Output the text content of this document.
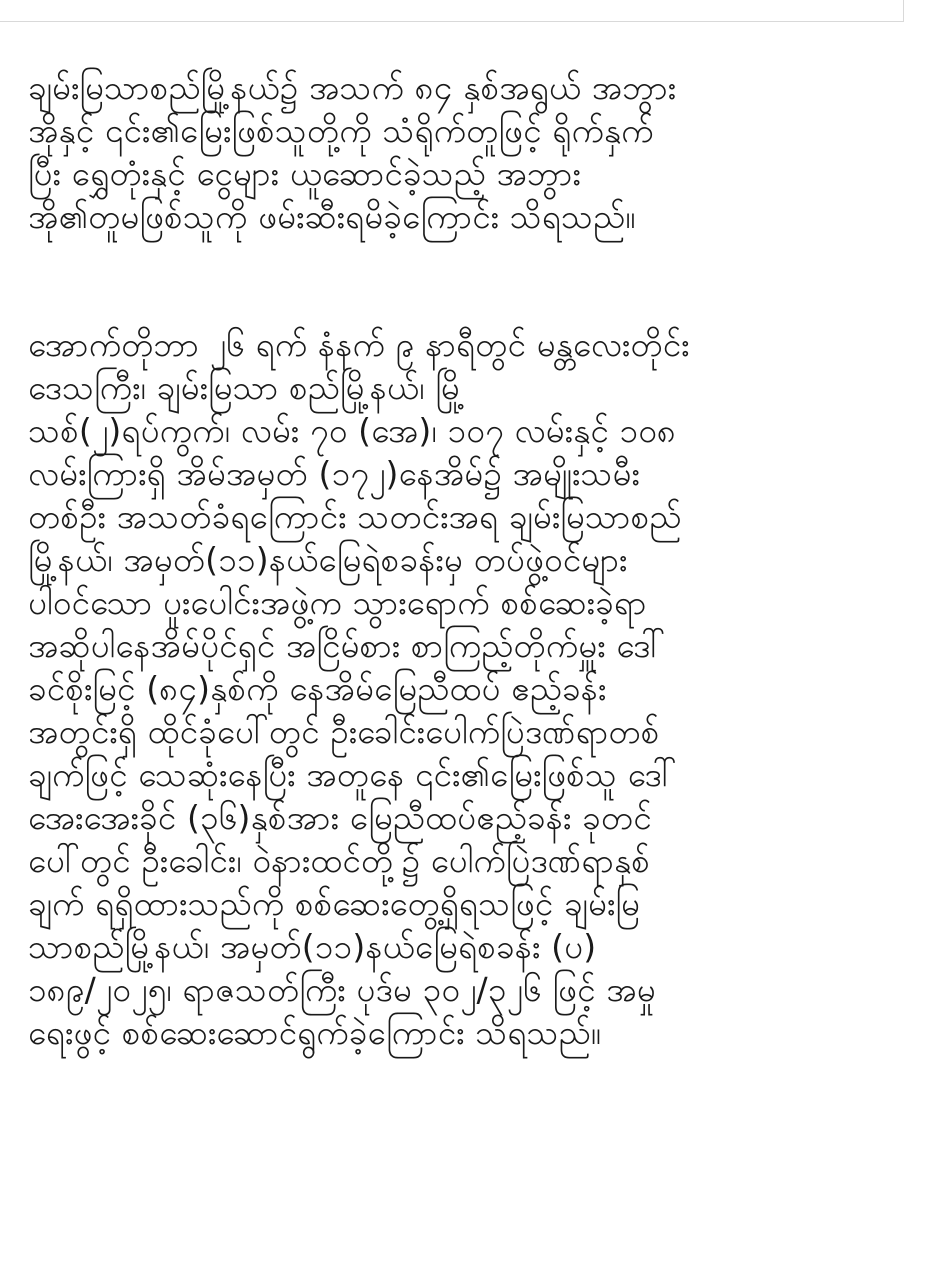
ချမ်းမြသာစည်မြို့နယ်၌ အသက် ၈၄ နှစ်အရွယ် အဘွား
အိုနှင့် ၎င်း၏မြေးဖြစ်သူတို့ကို သံရိုက်တူဖြင့် ရိုက်နှက်
ပြီး ရွှေတုံးနှင့် ငွေများ ယူဆောင်ခဲ့သည့် အဘွား
အို၏တူမဖြစ်သူကို ဖမ်းဆီးရမိခဲ့ကြောင်း သိရသည်။

အောက်တိုဘာ ၂၆ ရက် နံနက် ၉ နာရီတွင် မန္တလေးတိုင်း
ဒေသကြီး၊ ချမ်းမြသာ စည်မြို့နယ်၊ မြို့
သစ်(၂)ရပ်ကွက်၊ လမ်း ၇၀ (အေ)၊ ၁၀၇ လမ်းနှင့် ၁၀၈
လမ်းကြားရှိ အိမ်အမှတ် (၁၇၂)နေအိမ်၌ အမျိုးသမီး
တစ်ဦး အသတ်ခံရကြောင်း သတင်းအရ ချမ်းမြသာစည်
မြို့နယ်၊ အမှတ်(၁၁)နယ်မြေရဲစခန်းမှ တပ်ဖွဲ့ဝင်များ
ပါဝင်သော ပူးပေါင်းအဖွဲ့က သွားရောက် စစ်ဆေးခဲ့ရာ
အဆိုပါနေအိမ်ပိုင်ရှင် အငြိမ်စား စာကြည့်တိုက်မှူး ဒေါ်
ခင်စိုးမြင့် (၈၄)နှစ်ကို နေအိမ်မြေညီထပ် ဧည့်ခန်း
အတွင်းရှိ ထိုင်ခုံပေါ်တွင် ဦးခေါင်းပေါက်ပြဲဒဏ်ရာတစ်
ချက်ဖြင့် သေဆုံးနေပြီး အတူနေ ၎င်း၏မြေးဖြစ်သူ ဒေါ်
အေးအေးခိုင် (၃၆)နှစ်အား မြေညီထပ်ဧည့်ခန်း ခုတင်
ပေါ်တွင် ဦးခေါင်း၊ ဝဲနားထင်တို့၌ ပေါက်ပြဲဒဏ်ရာနှစ်
ချက် ရရှိထားသည်ကို စစ်ဆေးတွေ့ရှိရသဖြင့် ချမ်းမြ
သာစည်မြို့နယ်၊ အမှတ်(၁၁)နယ်မြေရဲစခန်း (ပ)
၁၈၉/၂၀၂၅၊ ရာဇသတ်ကြီး ပုဒ်မ ၃၀၂/၃၂၆ ဖြင့် အမှု
ရေးဖွင့် စစ်ဆေးဆောင်ရွက်ခဲ့ကြောင်း သိရသည်။
